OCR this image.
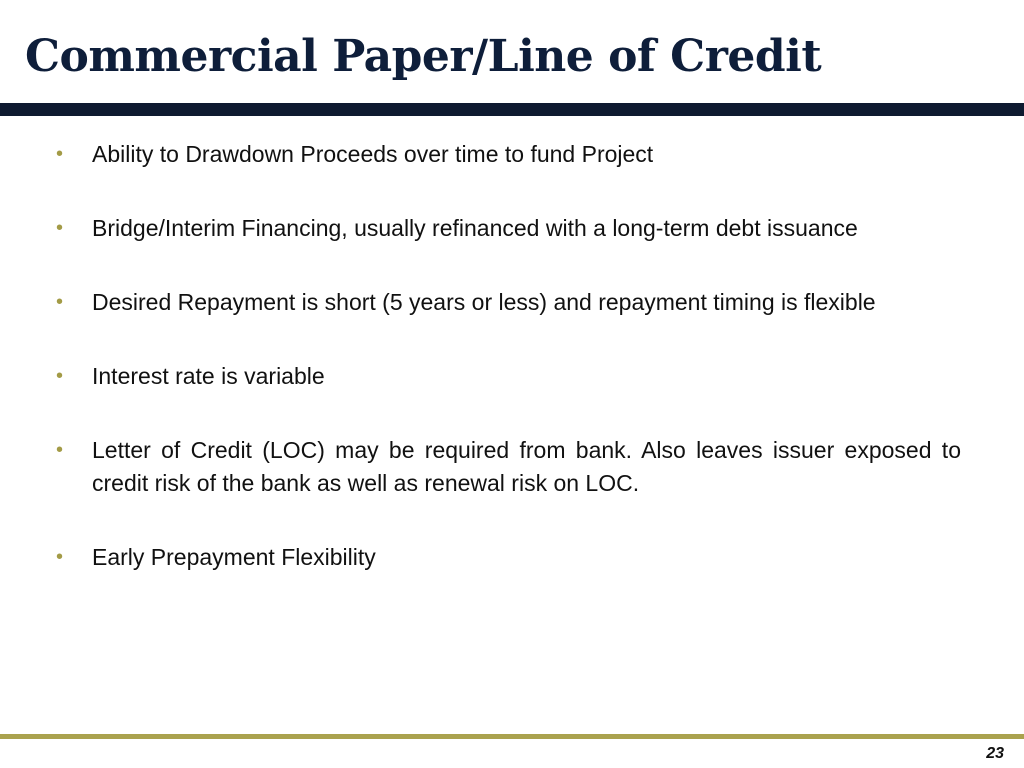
Commercial Paper/Line of Credit
• Ability to Drawdown Proceeds over time to fund Project
• Bridge/Interim Financing, usually refinanced with a long-term debt issuance
• Desired Repayment is short (5 years or less) and repayment timing is flexible
• Interest rate is variable
• Letter of Credit (LOC) may be required from bank. Also leaves issuer exposed to credit risk of the bank as well as renewal risk on LOC.
• Early Prepayment Flexibility
23
